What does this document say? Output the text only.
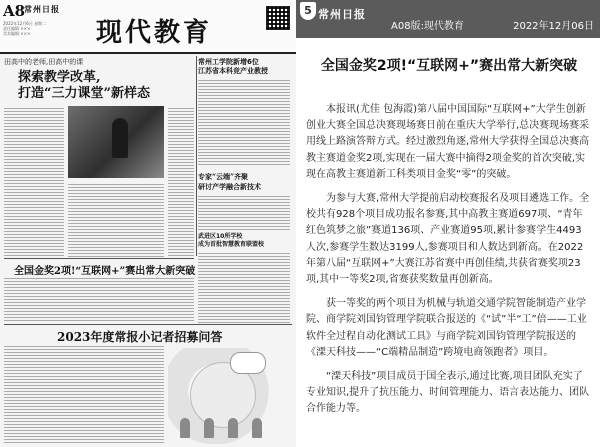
A8
常州日报
2022年12月6日 星期二
责任编辑 ×××
美术编辑 ×××	现代教育
田高中的老师,田高中的课
探索教学改革,
打造“三力课堂”新样态
常州工学院新增6位
江苏省本科竞产业教授
专家“云端”齐聚
研讨产学融合新技术
武进区10所学校
成为首批智慧教育联盟校
全国金奖2项!“互联网+”赛出常大新突破
2023年度常报小记者招募问答
5 常州日报
A08版:现代教育	2022年12月06日
全国金奖2项!“互联网+”赛出常大新突破

本报讯(尤佳 包海霞)第八届中国国际“互联网+”大学生创新创业大赛全国总决赛现场赛日前在重庆大学举行,总决赛现场赛采用线上路演答辩方式。经过激烈角逐,常州大学获得全国总决赛高教主赛道金奖2项,实现在一届大赛中摘得2项金奖的首次突破,实现在高教主赛道新工科类项目金奖“零”的突破。

为参与大赛,常州大学提前启动校赛报名及项目遴选工作。全校共有928个项目成功报名参赛,其中高教主赛道697项、“青年红色筑梦之旅”赛道136项、产业赛道95项,累计参赛学生4493人次,参赛学生数达3199人,参赛项目和人数达到新高。在2022年第八届“互联网+”大赛江苏省赛中再创佳绩,共获省赛奖项23项,其中一等奖2项,省赛获奖数量再创新高。

获一等奖的两个项目为机械与轨道交通学院智能制造产业学院、商学院刘国钧管理学院联合报送的《“试”半“工”倍——工业软件全过程自动化测试工具》与商学院刘国钧管理学院报送的《溧天科技——“C端精品制造”跨境电商领跑者》项目。

“溧天科技”项目成员于国全表示,通过比赛,项目团队充实了专业知识,提升了抗压能力、时间管理能力、语言表达能力、团队合作能力等。
